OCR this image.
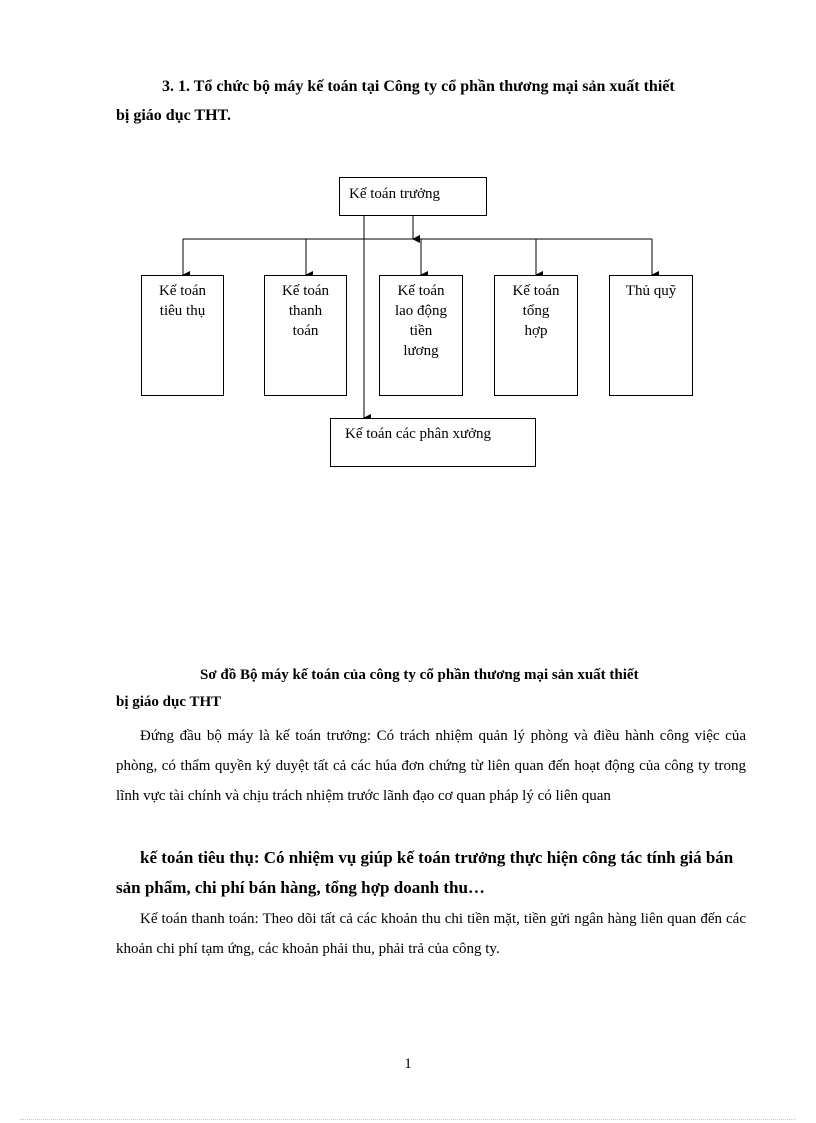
3. 1. Tổ chức bộ máy kế toán tại Công ty cổ phần thương mại sản xuất thiết
bị giáo dục THT.
Kế toán trưởng
Kế toán
tiêu thụ
Kế toán
thanh
toán
Kế toán
lao động
tiền
lương
Kế toán
tổng
hợp
Thủ quỹ
Kế toán các phân xưởng
Sơ đồ Bộ máy kế toán của công ty cổ phần thương mại sản xuất thiết
bị giáo dục THT
Đứng đầu bộ máy là kế toán trưởng: Có trách nhiệm quản lý phòng và điều hành công việc của phòng, có thẩm quyền ký duyệt tất cả các húa đơn chứng từ liên quan đến hoạt động của công ty trong lĩnh vực tài chính và chịu trách nhiệm trước lãnh đạo cơ quan pháp lý có liên quan
kế toán tiêu thụ: Có nhiệm vụ giúp kế toán trưởng thực hiện công tác tính giá bán sản phẩm, chi phí bán hàng, tổng hợp doanh thu…
Kế toán thanh toán: Theo dõi tất cả các khoản thu chi tiền mặt, tiền gửi ngân hàng liên quan đến các khoản chi phí tạm ứng, các khoản phải thu, phải trả của công ty.
1
